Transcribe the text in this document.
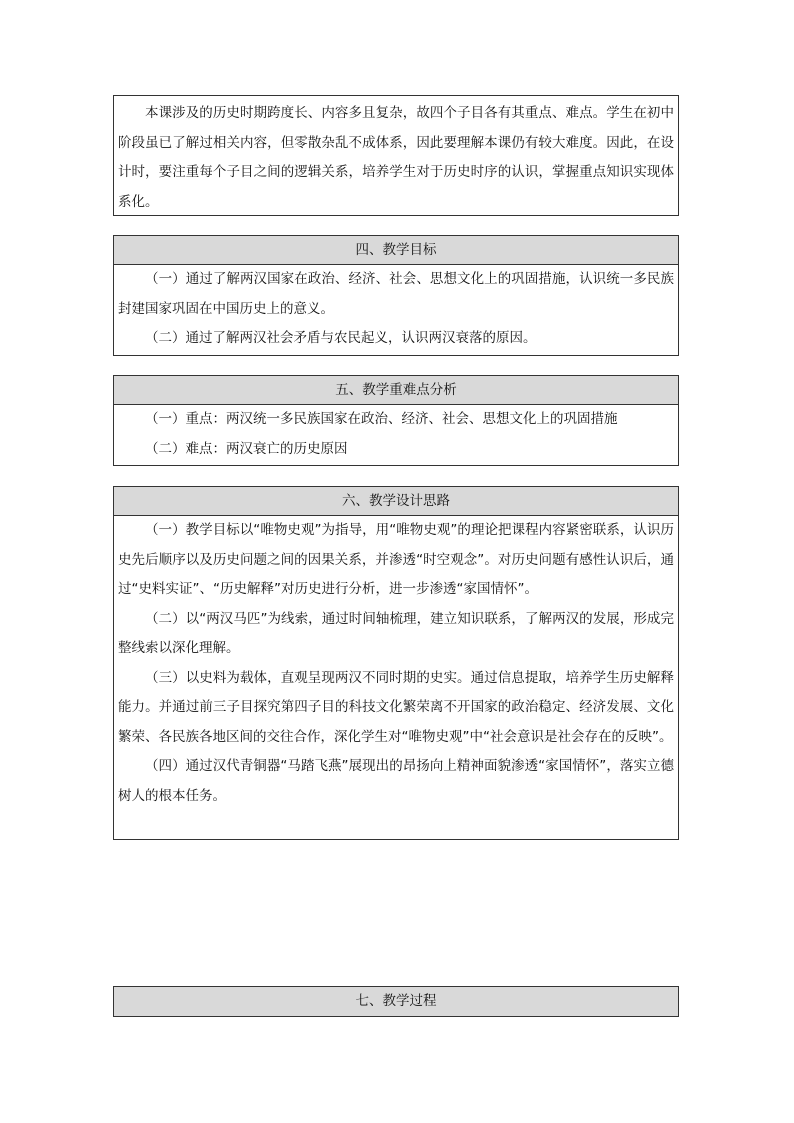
本课涉及的历史时期跨度长、内容多且复杂，故四个子目各有其重点、难点。学生在初中阶段虽已了解过相关内容，但零散杂乱不成体系，因此要理解本课仍有较大难度。因此，在设计时，要注重每个子目之间的逻辑关系，培养学生对于历史时序的认识，掌握重点知识实现体系化。

四、教学目标

（一）通过了解两汉国家在政治、经济、社会、思想文化上的巩固措施，认识统一多民族封建国家巩固在中国历史上的意义。

（二）通过了解两汉社会矛盾与农民起义，认识两汉衰落的原因。

五、教学重难点分析

（一）重点：两汉统一多民族国家在政治、经济、社会、思想文化上的巩固措施

（二）难点：两汉衰亡的历史原因

六、教学设计思路

（一）教学目标以“唯物史观”为指导，用“唯物史观”的理论把课程内容紧密联系，认识历史先后顺序以及历史问题之间的因果关系，并渗透“时空观念”。对历史问题有感性认识后，通过“史料实证”、“历史解释”对历史进行分析，进一步渗透“家国情怀”。

（二）以“两汉马匹”为线索，通过时间轴梳理，建立知识联系，了解两汉的发展，形成完整线索以深化理解。

（三）以史料为载体，直观呈现两汉不同时期的史实。通过信息提取，培养学生历史解释能力。并通过前三子目探究第四子目的科技文化繁荣离不开国家的政治稳定、经济发展、文化繁荣、各民族各地区间的交往合作，深化学生对“唯物史观”中“社会意识是社会存在的反映”。

（四）通过汉代青铜器“马踏飞燕”展现出的昂扬向上精神面貌渗透“家国情怀”，落实立德树人的根本任务。

七、教学过程
